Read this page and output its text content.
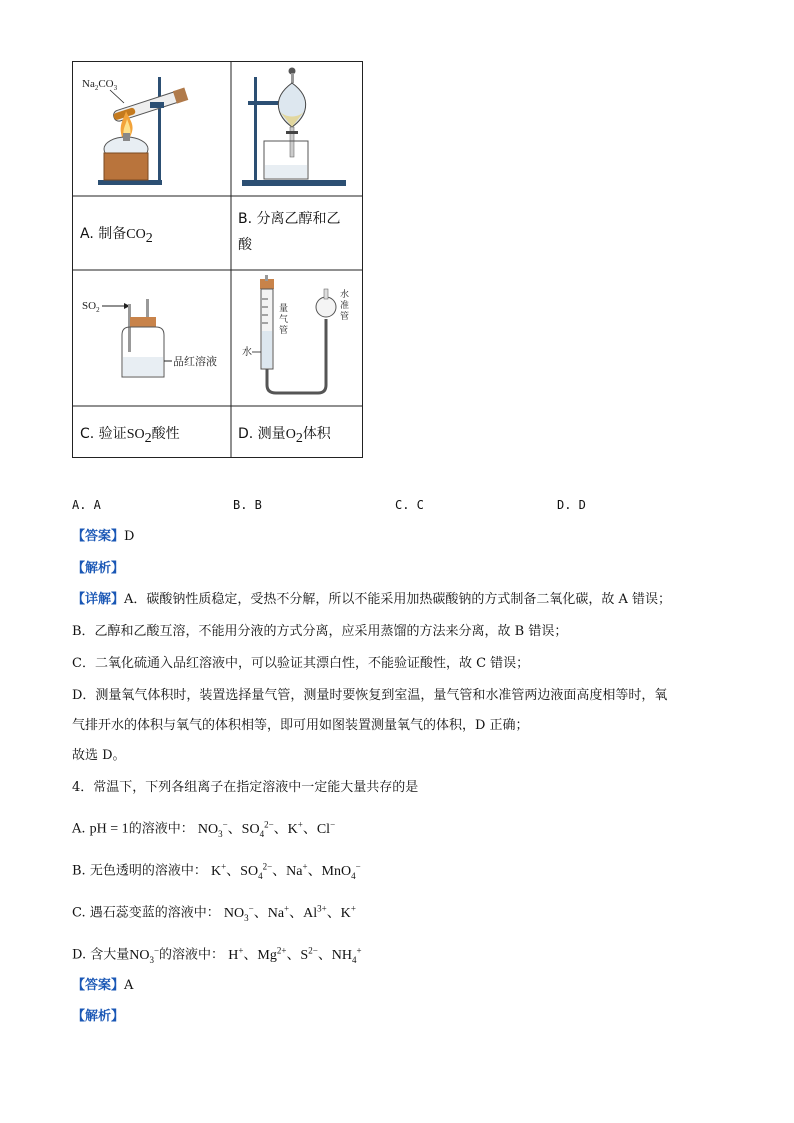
$Na_2CO_3$
A. 制备$CO_2$
B. 分离乙醇和乙
酸
$SO_2$
品红溶液
C. 验证$SO_2$酸性
水
量气管
水准管
D. 测量$O_2$体积
A. A	B. B	C. C	D. D
【答案】D
【解析】
【详解】A．碳酸钠性质稳定，受热不分解，所以不能采用加热碳酸钠的方式制备二氧化碳，故 A 错误；
B．乙醇和乙酸互溶，不能用分液的方式分离，应采用蒸馏的方法来分离，故 B 错误；
C．二氧化硫通入品红溶液中，可以验证其漂白性，不能验证酸性，故 C 错误；
D．测量氧气体积时，装置选择量气管，测量时要恢复到室温，量气管和水准管两边液面高度相等时，氧
气排开水的体积与氧气的体积相等，即可用如图装置测量氧气的体积，D 正确；
故选 D。
4．常温下，下列各组离子在指定溶液中一定能大量共存的是
A. pH = 1的溶液中： $NO_3^-$、$SO_4^{2-}$、K+、Cl−
B. 无色透明的溶液中： K+、$SO_4^{2-}$、Na+、MnO$_4$−
C. 遇石蕊变蓝的溶液中： $NO_3^-$、Na+、$Al^{3+}$、K+
D. 含大量$NO_3^-$的溶液中： H+、$Mg^{2+}$、$S^{2-}$、$NH_4^+$
【答案】A
【解析】
